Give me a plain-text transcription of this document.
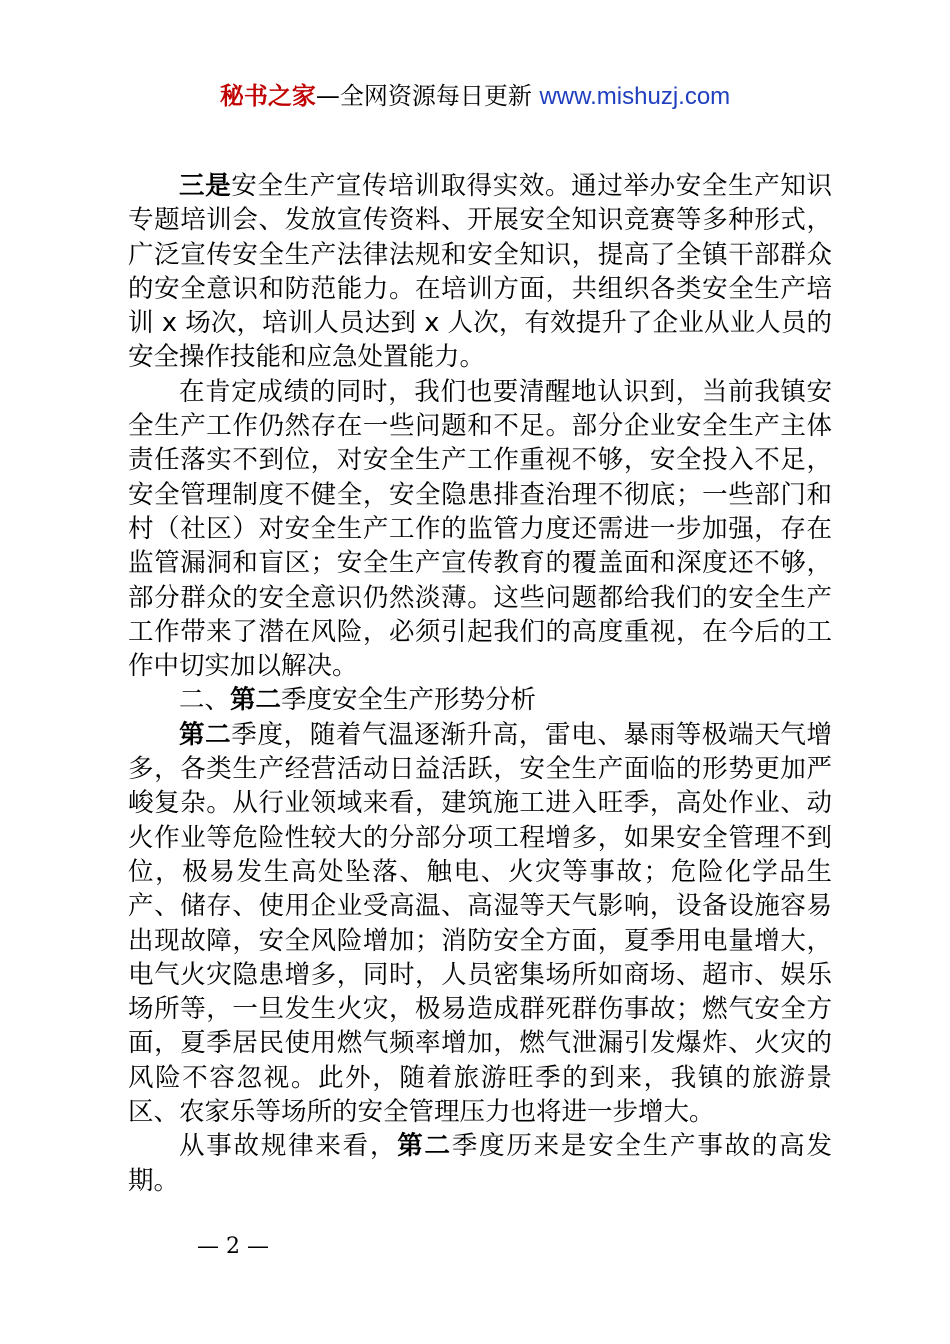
秘书之家—全网资源每日更新 www.mishuzj.com

三是安全生产宣传培训取得实效。通过举办安全生产知识专题培训会、发放宣传资料、开展安全知识竞赛等多种形式，广泛宣传安全生产法律法规和安全知识，提高了全镇干部群众的安全意识和防范能力。在培训方面，共组织各类安全生产培训 x 场次，培训人员达到 x 人次，有效提升了企业从业人员的安全操作技能和应急处置能力。

在肯定成绩的同时，我们也要清醒地认识到，当前我镇安全生产工作仍然存在一些问题和不足。部分企业安全生产主体责任落实不到位，对安全生产工作重视不够，安全投入不足，安全管理制度不健全，安全隐患排查治理不彻底；一些部门和村（社区）对安全生产工作的监管力度还需进一步加强，存在监管漏洞和盲区；安全生产宣传教育的覆盖面和深度还不够，部分群众的安全意识仍然淡薄。这些问题都给我们的安全生产工作带来了潜在风险，必须引起我们的高度重视，在今后的工作中切实加以解决。

二、第二季度安全生产形势分析

第二季度，随着气温逐渐升高，雷电、暴雨等极端天气增多，各类生产经营活动日益活跃，安全生产面临的形势更加严峻复杂。从行业领域来看，建筑施工进入旺季，高处作业、动火作业等危险性较大的分部分项工程增多，如果安全管理不到位，极易发生高处坠落、触电、火灾等事故；危险化学品生产、储存、使用企业受高温、高湿等天气影响，设备设施容易出现故障，安全风险增加；消防安全方面，夏季用电量增大，电气火灾隐患增多，同时，人员密集场所如商场、超市、娱乐场所等，一旦发生火灾，极易造成群死群伤事故；燃气安全方面，夏季居民使用燃气频率增加，燃气泄漏引发爆炸、火灾的风险不容忽视。此外，随着旅游旺季的到来，我镇的旅游景区、农家乐等场所的安全管理压力也将进一步增大。

从事故规律来看，第二季度历来是安全生产事故的高发期。

— 2 —
